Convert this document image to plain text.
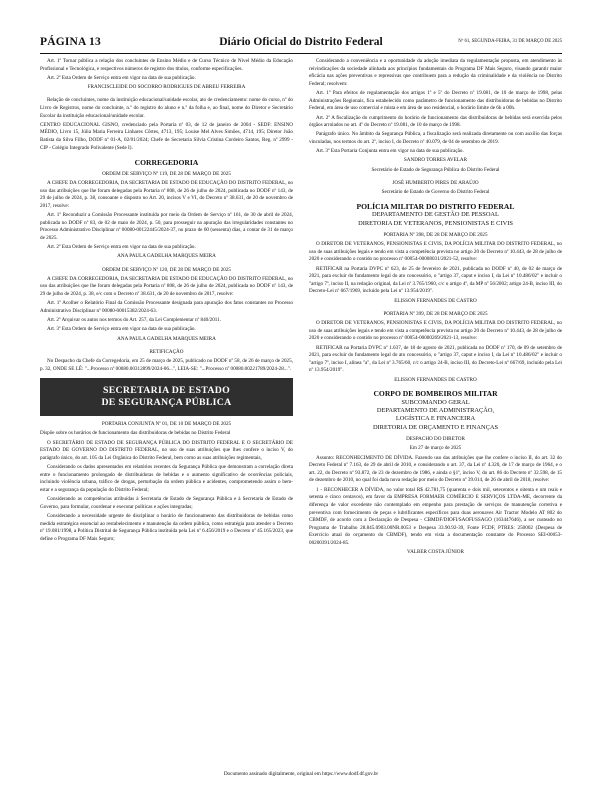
Diário Oficial do Distrito Federal
PÁGINA 13	Nº 61, SEGUNDA-FEIRA, 31 DE MARÇO DE 2025

Art. 1º Tornar pública a relação dos concluintes de Ensino Médio e de Curso Técnico de Nível Médio da Educação Profissional e Tecnológica, e respectivos números de registro dos títulos, conforme especificações.

Art. 2º Esta Ordem de Serviço entra em vigor na data de sua publicação.

FRANCISCLEIDE DO SOCORRO RODRIGUES DE ABREU FERREIRA

Relação de concluintes, nome da instituição educacional/unidade escolar, ato de credenciamento: nome do curso, nº do Livro de Registros, nome do concluinte, n.º do registro do aluno e n.º da folha e, ao final, nome do Diretor e Secretário Escolar da instituição educacional/unidade escolar.

CENTRO EDUCACIONAL GISNO, credenciado pela Portaria nº 03, de 12 de janeiro de 2004 - SEDF: ENSINO MÉDIO, Livro 15, Júlia Maria Ferreira Linhares Côrtes, 4713, 195; Louise Mel Alves Simões, 4714, 195; Diretor João Batista da Silva Filho, DODF nº 01-A, 02/01/2024; Chefe de Secretaria Silvia Cristina Cordeiro Santos, Reg. nº 2999 - CIP - Colégio Integrado Polivalente (Sede I).

CORREGEDORIA

ORDEM DE SERVIÇO Nº 119, DE 28 DE MARÇO DE 2025

A CHEFE DA CORREGEDORIA, DA SECRETARIA DE ESTADO DE EDUCAÇÃO DO DISTRITO FEDERAL, no uso das atribuições que lhe foram delegadas pela Portaria nº 808, de 26 de julho de 2024, publicada no DODF nº 143, de 29 de julho de 2024, p. 38, consoante o disposto no Art. 20, incisos V e VI, do Decreto nº 38.631, de 20 de novembro de 2017, resolve:

Art. 1º Reconduzir a Comissão Processante instituída por meio da Ordem de Serviço nº 161, de 30 de abril de 2024, publicada no DODF nº 83, de 02 de maio de 2024, p. 50, para prosseguir na apuração das irregularidades constantes no Processo Administrativo Disciplinar nº 00080-00122445/2024-37, no prazo de 60 (sessenta) dias, a contar de 31 de março de 2025.

Art. 2º Esta Ordem de Serviço entra em vigor na data de sua publicação.

ANA PAULA GADELHA MARQUES MEIRA

ORDEM DE SERVIÇO Nº 120, DE 28 DE MARÇO DE 2025

A CHEFE DA CORREGEDORIA, DA SECRETARIA DE ESTADO DE EDUCAÇÃO DO DISTRITO FEDERAL, no uso das atribuições que lhe foram delegadas pela Portaria nº 808, de 26 de julho de 2024, publicada no DODF nº 143, de 29 de julho de 2024, p. 38, e/c com o Decreto nº 38.631, de 20 de novembro de 2017, resolve:

Art. 1º Acolher o Relatório Final da Comissão Processante designada para apuração dos fatos constantes no Processo Administrativo Disciplinar nº 00080-00015382/2024-63.

Art. 2º Arquivar os autos nos termos do Art. 257, da Lei Complementar nº 840/2011.

Art. 3º Esta Ordem de Serviço entra em vigor na data de sua publicação.

ANA PAULA GADELHA MARQUES MEIRA

RETIFICAÇÃO

No Despacho da Chefe da Corregedoria, em 25 de março de 2025, publicado no DODF nº 58, de 26 de março de 2025, p. 32, ONDE SE LÊ: "...Processo nº 00080.00312899/2024-06...", LEIA-SE: "...Processo nº 00080.00221789/2024-28...".

SECRETARIA DE ESTADO
DE SEGURANÇA PÚBLICA

PORTARIA CONJUNTA Nº 01, DE 10 DE MARÇO DE 2025

Dispõe sobre os horários de funcionamento das distribuidoras de bebidas no Distrito Federal

O SECRETÁRIO DE ESTADO DE SEGURANÇA PÚBLICA DO DISTRITO FEDERAL E O SECRETÁRIO DE ESTADO DE GOVERNO DO DISTRITO FEDERAL, no uso de suas atribuições que lhes confere o inciso V, do parágrafo único, do art. 105 da Lei Orgânica do Distrito Federal, bem como as suas atribuições regimentais,

Considerando os dados apresentados em relatórios recentes da Segurança Pública que demonstram a correlação direta entre o funcionamento prolongado de distribuidoras de bebidas e o aumento significativo de ocorrências policiais, incluindo violência urbana, tráfico de drogas, perturbação da ordem pública e acidentes, comprometendo assim o bem-estar e a segurança da população do Distrito Federal;

Considerando as competências atribuídas à Secretaria de Estado de Segurança Pública e à Secretaria de Estado de Governo, para formular, coordenar e executar políticas e ações integradas;

Considerando a necessidade urgente de disciplinar o horário de funcionamento das distribuidoras de bebidas como medida estratégica essencial ao restabelecimento e manutenção da ordem pública, como estratégia para atender o Decreto nº 19.081/1998, a Política Distrital de Segurança Pública instituída pela Lei nº 6.456/2019 e o Decreto nº 45.165/2023, que define o Programa DF Mais Seguro;

Considerando a conveniência e a oportunidade da adoção imediata da regulamentação proposta, em atendimento às reivindicações da sociedade alinhada aos princípios fundamentais do Programa DF Mais Seguro, visando garantir maior eficácia nas ações preventivas e repressivas que contribuem para a redução da criminalidade e da violência no Distrito Federal; resolvem:

Art. 1º Para efeitos de regulamentação dos artigos 1º e 5º do Decreto nº 19.081, de 10 de março de 1998, pelas Administrações Regionais, fica estabelecido como parâmetro de funcionamento das distribuidoras de bebidas no Distrito Federal, em área de uso comercial e mista e em área de uso residencial, o horário limite de 6h a 00h.

Art. 2º A fiscalização do cumprimento do horário de funcionamento das distribuidoras de bebidas será exercida pelos órgãos arrolados no art. 4º do Decreto nº 19.081, de 10 de março de 1998.

Parágrafo único. No âmbito da Segurança Pública, a fiscalização será realizada diretamente ou com auxílio das forças vinculadas, nos termos do art. 2º, inciso I, do Decreto nº 40.079, de 04 de setembro de 2019.

Art. 3º Esta Portaria Conjunta entra em vigor na data de sua publicação.

SANDRO TORRES AVELAR

Secretário de Estado de Segurança Pública do Distrito Federal

JOSÉ HUMBERTO PIRES DE ARAÚJO

Secretário de Estado de Governo do Distrito Federal

POLÍCIA MILITAR DO DISTRITO FEDERAL
DEPARTAMENTO DE GESTÃO DE PESSOAL
DIRETORIA DE VETERANOS, PENSIONISTAS E CIVIS

PORTARIA Nº 398, DE 28 DE MARÇO DE 2025

O DIRETOR DE VETERANOS, PENSIONISTAS E CIVIS, DA POLÍCIA MILITAR DO DISTRITO FEDERAL, no uso de suas atribuições legais e tendo em vista a competência prevista no artigo 20 do Decreto nº 10.443, de 28 de julho de 2020 e considerando o contido no processo nº 00054-00008031/2021-52, resolve:

RETIFICAR na Portaria DVPC nº 623, de 25 de fevereiro de 2021, publicada no DODF nº 40, de 02 de março de 2021, para excluir do fundamento legal do ato concessório, o "artigo 37, caput e inciso I, da Lei nº 10.486/02" e incluir o "artigo 7º, inciso II, na redação original, da Lei nº 3.765/1960, c/c o artigo 4º, da MP nº 56/2002; artigo 24-B, inciso III, do Decreto-Lei nº 667/1969, incluído pela Lei nº 13.954/2019".

ELISSON FERNANDES DE CASTRO

PORTARIA Nº 399, DE 28 DE MARÇO DE 2025

O DIRETOR DE VETERANOS, PENSIONISTAS E CIVIS, DA POLÍCIA MILITAR DO DISTRITO FEDERAL, no uso de suas atribuições legais e tendo em vista a competência prevista no artigo 20 do Decreto nº 10.443, de 28 de julho de 2020 e considerando o contido no processo nº 00054-00000269/2021-13, resolve:

RETIFICAR na Portaria DVPC nº 1.037, de 18 de agosto de 2021, publicada no DODF nº 170, de 09 de setembro de 2021, para excluir do fundamento legal do ato concessório, o "artigo 37, caput e inciso I, da Lei nº 10.486/02" e incluir o "artigo 7º, inciso I, alínea "a", da Lei nº 3.765/60, c/c o artigo 24-B, inciso III, do Decreto-Lei nº 667/69, incluído pela Lei nº 13.954/2019".

ELISSON FERNANDES DE CASTRO

CORPO DE BOMBEIROS MILITAR
SUBCOMANDO GERAL
DEPARTAMENTO DE ADMINISTRAÇÃO,
LOGÍSTICA E FINANCEIRA
DIRETORIA DE ORÇAMENTO E FINANÇAS

DESPACHO DO DIRETOR

Em 27 de março de 2025

Assunto: RECONHECIMENTO DE DÍVIDA. Fazendo uso das atribuições que lhe confere o inciso II, do art. 32 do Decreto Federal nº 7.163, de 29 de abril de 2010, e considerando o art. 37, da Lei nº 4.320, de 17 de março de 1964, e o art. 22, do Decreto nº 93.872, de 23 de dezembro de 1986, e ainda o §1º, inciso V, do art. 86 do Decreto nº 32.598, de 15 de dezembro de 2010, no qual foi dada nova redação por meio do Decreto nº 39.014, de 26 de abril de 2018, resolve:

1 - RECONHECER A DÍVIDA, no valor total R$ 42.781,75 (quarenta e dois mil, setecentos e oitenta e um reais e setenta e cinco centavos), em favor da EMPRESA FORMAER COMÉRCIO E SERVIÇOS LTDA-ME, decorrente da diferença de valor excedente não contemplado em empenho para prestação de serviços de manutenção corretiva e preventiva com fornecimento de peças e lubrificantes específicos para duas aeronaves Air Tractor Modelo AT 802 do CBMDF, de acordo com a Declaração de Despesa - CBMDF/DIOFI/SAOFI/SSAGO (163447646), a ser custeado no Programa de Trabalho 28.845.0903.00NR.0053 e Despesa 33.90.92-39, Fonte FCDF, PTRES: 250002 (Despesa de Exercício atual do orçamento do CBMDF), tendo em vista a documentação constante do Processo SEI-00053-00200391/2024-85.

VALBER COSTA JÚNIOR

Documento assinado digitalmente, original em https://www.dodf.df.gov.br
